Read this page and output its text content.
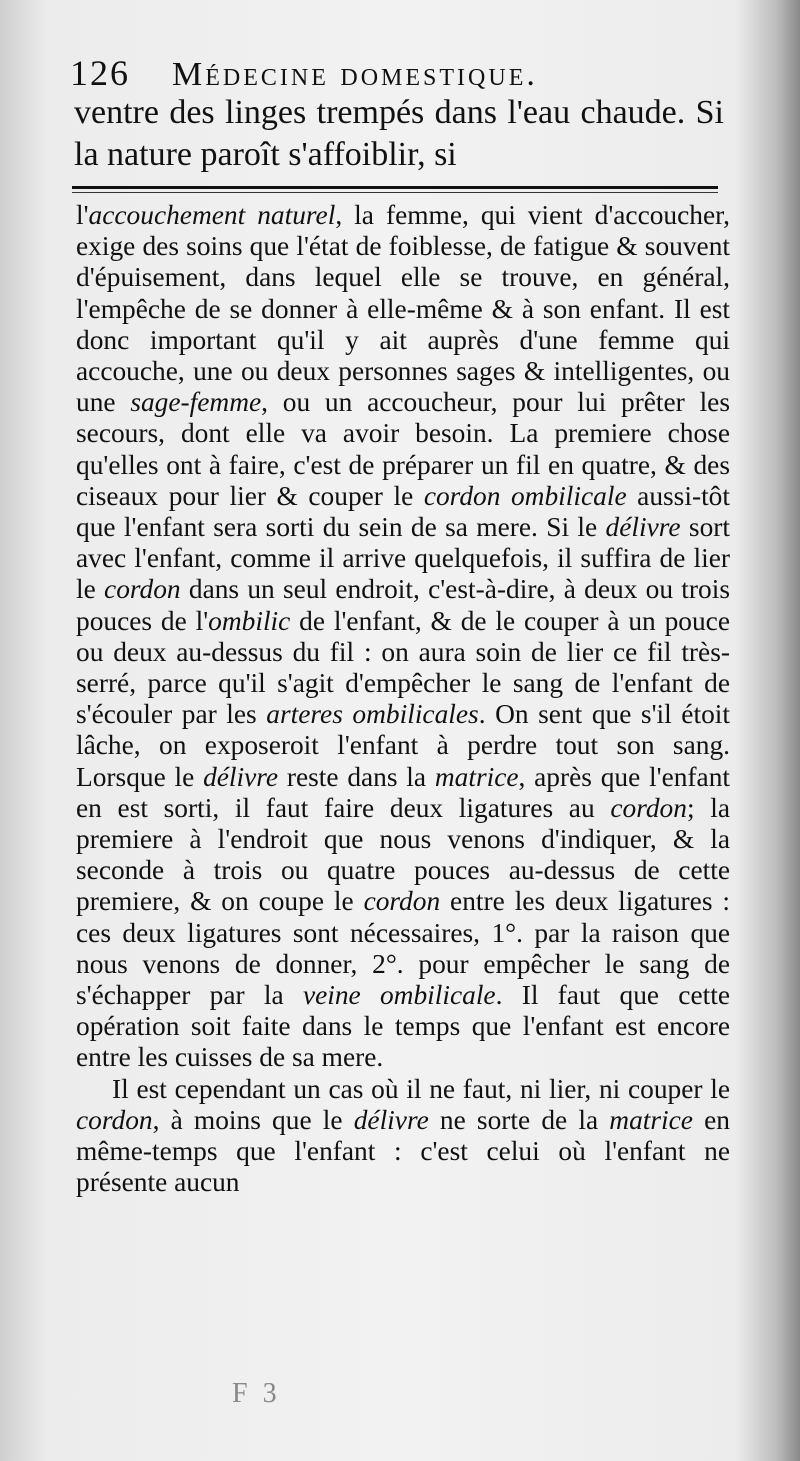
126 Médecine domestique.
ventre des linges trempés dans l'eau chaude. Si la nature paroît s'affoiblir, si

l'accouchement naturel, la femme, qui vient d'accoucher, exige des soins que l'état de foiblesse, de fatigue & souvent d'épuisement, dans lequel elle se trouve, en général, l'empêche de se donner à elle-même & à son enfant. Il est donc important qu'il y ait auprès d'une femme qui accouche, une ou deux personnes sages & intelligentes, ou une sage-femme, ou un accoucheur, pour lui prêter les secours, dont elle va avoir besoin. La premiere chose qu'elles ont à faire, c'est de préparer un fil en quatre, & des ciseaux pour lier & couper le cordon ombilicale aussi-tôt que l'enfant sera sorti du sein de sa mere. Si le délivre sort avec l'enfant, comme il arrive quelquefois, il suffira de lier le cordon dans un seul endroit, c'est-à-dire, à deux ou trois pouces de l'ombilic de l'enfant, & de le couper à un pouce ou deux au-dessus du fil : on aura soin de lier ce fil très-serré, parce qu'il s'agit d'empêcher le sang de l'enfant de s'écouler par les arteres ombilicales. On sent que s'il étoit lâche, on exposeroit l'enfant à perdre tout son sang. Lorsque le délivre reste dans la matrice, après que l'enfant en est sorti, il faut faire deux ligatures au cordon; la premiere à l'endroit que nous venons d'indiquer, & la seconde à trois ou quatre pouces au-dessus de cette premiere, & on coupe le cordon entre les deux ligatures : ces deux ligatures sont nécessaires, 1°. par la raison que nous venons de donner, 2°. pour empêcher le sang de s'échapper par la veine ombilicale. Il faut que cette opération soit faite dans le temps que l'enfant est encore entre les cuisses de sa mere.

Il est cependant un cas où il ne faut, ni lier, ni couper le cordon, à moins que le délivre ne sorte de la matrice en même-temps que l'enfant : c'est celui où l'enfant ne présente aucun

F 3
